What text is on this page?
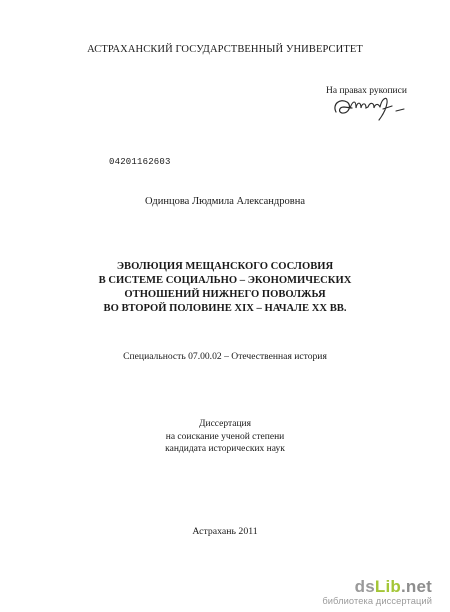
АСТРАХАНСКИЙ ГОСУДАРСТВЕННЫЙ УНИВЕРСИТЕТ
На правах рукописи
04201162603
Одинцова Людмила Александровна
ЭВОЛЮЦИЯ МЕЩАНСКОГО СОСЛОВИЯ
В СИСТЕМЕ СОЦИАЛЬНО – ЭКОНОМИЧЕСКИХ
ОТНОШЕНИЙ НИЖНЕГО ПОВОЛЖЬЯ
ВО ВТОРОЙ ПОЛОВИНЕ XIX – НАЧАЛЕ XX ВВ.
Специальность 07.00.02 – Отечественная история
Диссертация
на соискание ученой степени
кандидата исторических наук
Астрахань 2011
dsLib.net
библиотека диссертаций
